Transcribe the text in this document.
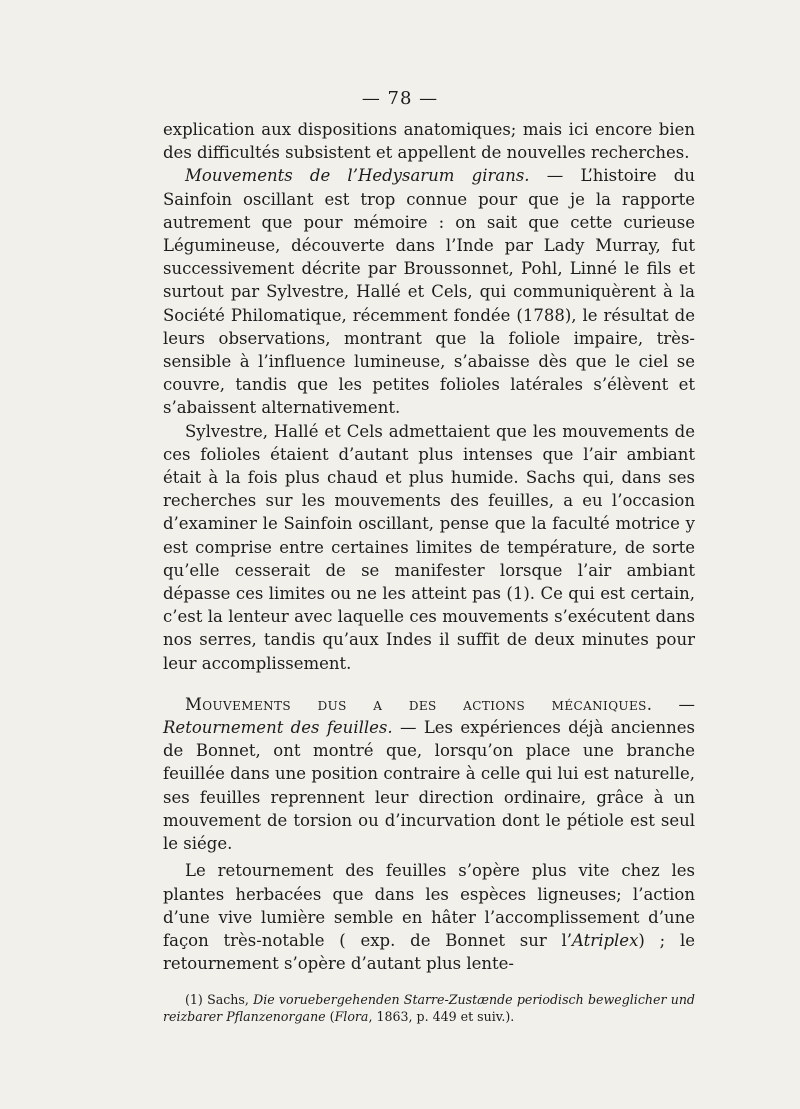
— 78 —

explication aux dispositions anatomiques; mais ici encore bien des difficultés subsistent et appellent de nouvelles recherches.

Mouvements de l’Hedysarum girans. — L’histoire du Sainfoin oscillant est trop connue pour que je la rapporte autrement que pour mémoire : on sait que cette curieuse Légumineuse, découverte dans l’Inde par Lady Murray, fut successivement décrite par Broussonnet, Pohl, Linné le fils et surtout par Sylvestre, Hallé et Cels, qui communiquèrent à la Société Philomatique, récemment fondée (1788), le résultat de leurs observations, montrant que la foliole impaire, très-sensible à l’influence lumineuse, s’abaisse dès que le ciel se couvre, tandis que les petites folioles latérales s’élèvent et s’abaissent alternativement.

Sylvestre, Hallé et Cels admettaient que les mouvements de ces folioles étaient d’autant plus intenses que l’air ambiant était à la fois plus chaud et plus humide. Sachs qui, dans ses recherches sur les mouvements des feuilles, a eu l’occasion d’examiner le Sainfoin oscillant, pense que la faculté motrice y est comprise entre certaines limites de température, de sorte qu’elle cesserait de se manifester lorsque l’air ambiant dépasse ces limites ou ne les atteint pas (1). Ce qui est certain, c’est la lenteur avec laquelle ces mouvements s’exécutent dans nos serres, tandis qu’aux Indes il suffit de deux minutes pour leur accomplissement.

Mouvements dus a des actions mécaniques. — Retournement des feuilles. — Les expériences déjà anciennes de Bonnet, ont montré que, lorsqu’on place une branche feuillée dans une position contraire à celle qui lui est naturelle, ses feuilles reprennent leur direction ordinaire, grâce à un mouvement de torsion ou d’incurvation dont le pétiole est seul le siége.

Le retournement des feuilles s’opère plus vite chez les plantes herbacées que dans les espèces ligneuses; l’action d’une vive lumière semble en hâter l’accomplissement d’une façon très-notable ( exp. de Bonnet sur l’Atriplex) ; le retournement s’opère d’autant plus lente-

(1) Sachs, Die voruebergehenden Starre-Zustænde periodisch beweglicher und reizbarer Pflanzenorgane (Flora, 1863, p. 449 et suiv.).
